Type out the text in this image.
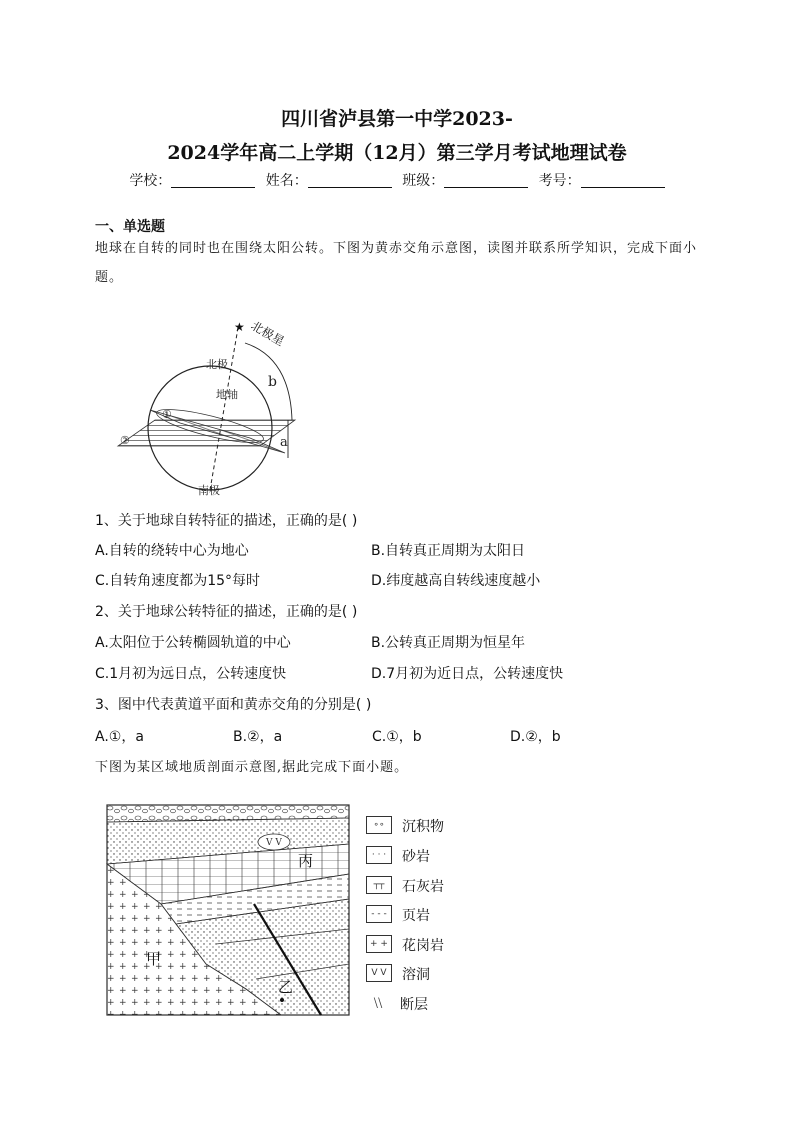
四川省泸县第一中学2023-
2024学年高二上学期（12月）第三学月考试地理试卷
学校：	姓名：	班级：	考号：
一、单选题
地球在自转的同时也在围绕太阳公转。下图为黄赤交角示意图，读图并联系所学知识，完成下面小题。
★ 北极星
b
a
北极
地轴
①
②
南极
1、关于地球自转特征的描述，正确的是( )
A.自转的绕转中心为地心	B.自转真正周期为太阳日
C.自转角速度都为15°每时	D.纬度越高自转线速度越小
2、关于地球公转特征的描述，正确的是( )
A.太阳位于公转椭圆轨道的中心	B.公转真正周期为恒星年
C.1月初为远日点，公转速度快	D.7月初为近日点，公转速度快
3、图中代表黄道平面和黄赤交角的分别是( )
A.①，a	B.②，a	C.①，b	D.②，b
下图为某区域地质剖面示意图,据此完成下面小题。
V V
丙
甲
乙
∘∘ 沉积物
· · · 砂岩
┬┬ 石灰岩
- - - 页岩
+ + 花岗岩
V V 溶洞
⧵⧵ 断层
